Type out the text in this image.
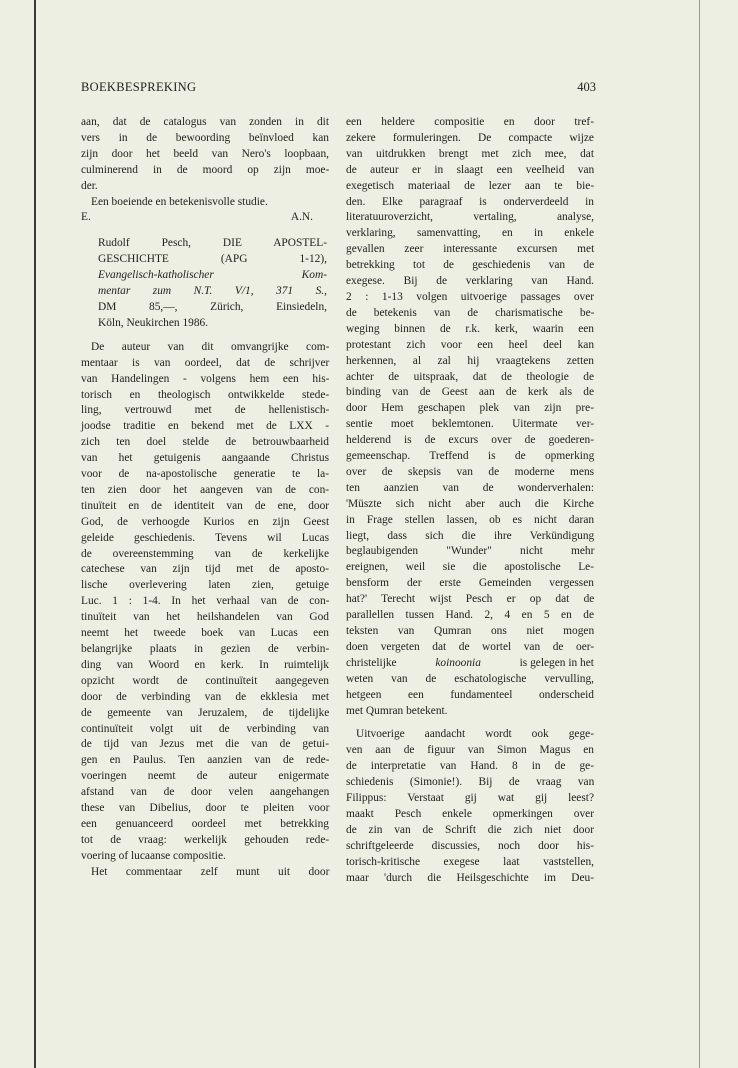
BOEKBESPREKING	403

aan, dat de catalogus van zonden in dit
vers in de bewoording beïnvloed kan
zijn door het beeld van Nero's loopbaan,
culminerend in de moord op zijn moe-
der.

Een boeiende en betekenisvolle studie.

E.	A.N.
Rudolf Pesch, DIE APOSTEL-
GESCHICHTE (APG 1-12),
Evangelisch-katholischer Kom-
mentar zum N.T. V/1, 371 S.,
DM 85,—, Zürich, Einsiedeln,
Köln, Neukirchen 1986.

De auteur van dit omvangrijke com-
mentaar is van oordeel, dat de schrijver
van Handelingen - volgens hem een his-
torisch en theologisch ontwikkelde stede-
ling, vertrouwd met de hellenistisch-
joodse traditie en bekend met de LXX -
zich ten doel stelde de betrouwbaarheid
van het getuigenis aangaande Christus
voor de na-apostolische generatie te la-
ten zien door het aangeven van de con-
tinuïteit en de identiteit van de ene, door
God, de verhoogde Kurios en zijn Geest
geleide geschiedenis. Tevens wil Lucas
de overeenstemming van de kerkelijke
catechese van zijn tijd met de aposto-
lische overlevering laten zien, getuige
Luc. 1 : 1-4. In het verhaal van de con-
tinuïteit van het heilshandelen van God
neemt het tweede boek van Lucas een
belangrijke plaats in gezien de verbin-
ding van Woord en kerk. In ruimtelijk
opzicht wordt de continuïteit aangegeven
door de verbinding van de ekklesia met
de gemeente van Jeruzalem, de tijdelijke
continuïteit volgt uit de verbinding van
de tijd van Jezus met die van de getui-
gen en Paulus. Ten aanzien van de rede-
voeringen neemt de auteur enigermate
afstand van de door velen aangehangen
these van Dibelius, door te pleiten voor
een genuanceerd oordeel met betrekking
tot de vraag: werkelijk gehouden rede-
voering of lucaanse compositie.

Het commentaar zelf munt uit door

een heldere compositie en door tref-
zekere formuleringen. De compacte wijze
van uitdrukken brengt met zich mee, dat
de auteur er in slaagt een veelheid van
exegetisch materiaal de lezer aan te bie-
den. Elke paragraaf is onderverdeeld in
literatuuroverzicht, vertaling, analyse,
verklaring, samenvatting, en in enkele
gevallen zeer interessante excursen met
betrekking tot de geschiedenis van de
exegese. Bij de verklaring van Hand.
2 : 1-13 volgen uitvoerige passages over
de betekenis van de charismatische be-
weging binnen de r.k. kerk, waarin een
protestant zich voor een heel deel kan
herkennen, al zal hij vraagtekens zetten
achter de uitspraak, dat de theologie de
binding van de Geest aan de kerk als de
door Hem geschapen plek van zijn pre-
sentie moet beklemtonen. Uitermate ver-
helderend is de excurs over de goederen-
gemeenschap. Treffend is de opmerking
over de skepsis van de moderne mens
ten aanzien van de wonderverhalen:
'Müszte sich nicht aber auch die Kirche
in Frage stellen lassen, ob es nicht daran
liegt, dass sich die ihre Verkündigung
beglaubigenden "Wunder" nicht mehr
ereignen, weil sie die apostolische Le-
bensform der erste Gemeinden vergessen
hat?' Terecht wijst Pesch er op dat de
parallellen tussen Hand. 2, 4 en 5 en de
teksten van Qumran ons niet mogen
doen vergeten dat de wortel van de oer-
christelijke	koinoonia	is gelegen in het
weten van de eschatologische vervulling,
hetgeen een fundamenteel onderscheid
met Qumran betekent.

Uitvoerige aandacht wordt ook gege-
ven aan de figuur van Simon Magus en
de interpretatie van Hand. 8 in de ge-
schiedenis (Simonie!). Bij de vraag van
Filippus: Verstaat gij wat gij leest?
maakt Pesch enkele opmerkingen over
de zin van de Schrift die zich niet door
schriftgeleerde discussies, noch door his-
torisch-kritische exegese laat vaststellen,
maar 'durch die Heilsgeschichte im Deu-
